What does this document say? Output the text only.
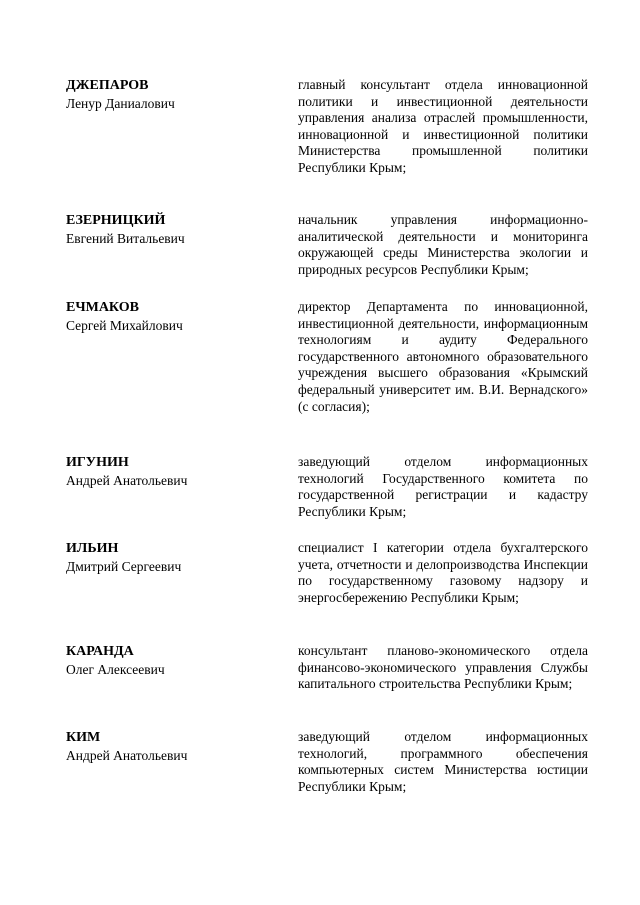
ДЖЕПАРОВ
Ленур Даниалович
главный консультант отдела инновационной политики и инвестиционной деятельности управления анализа отраслей промышленности, инновационной и инвестиционной политики Министерства промышленной политики Республики Крым;
ЕЗЕРНИЦКИЙ
Евгений Витальевич
начальник управления информационно-аналитической деятельности и мониторинга окружающей среды Министерства экологии и природных ресурсов Республики Крым;
ЕЧМАКОВ
Сергей Михайлович
директор Департамента по инновационной, инвестиционной деятельности, информационным технологиям и аудиту Федерального государственного автономного образовательного учреждения высшего образования «Крымский федеральный университет им. В.И. Вернадского» (с согласия);
ИГУНИН
Андрей Анатольевич
заведующий отделом информационных технологий Государственного комитета по государственной регистрации и кадастру Республики Крым;
ИЛЬИН
Дмитрий Сергеевич
специалист I категории отдела бухгалтерского учета, отчетности и делопроизводства Инспекции по государственному газовому надзору и энергосбережению Республики Крым;
КАРАНДА
Олег Алексеевич
консультант планово-экономического отдела финансово-экономического управления Службы капитального строительства Республики Крым;
КИМ
Андрей Анатольевич
заведующий отделом информационных технологий, программного обеспечения компьютерных систем Министерства юстиции Республики Крым;
